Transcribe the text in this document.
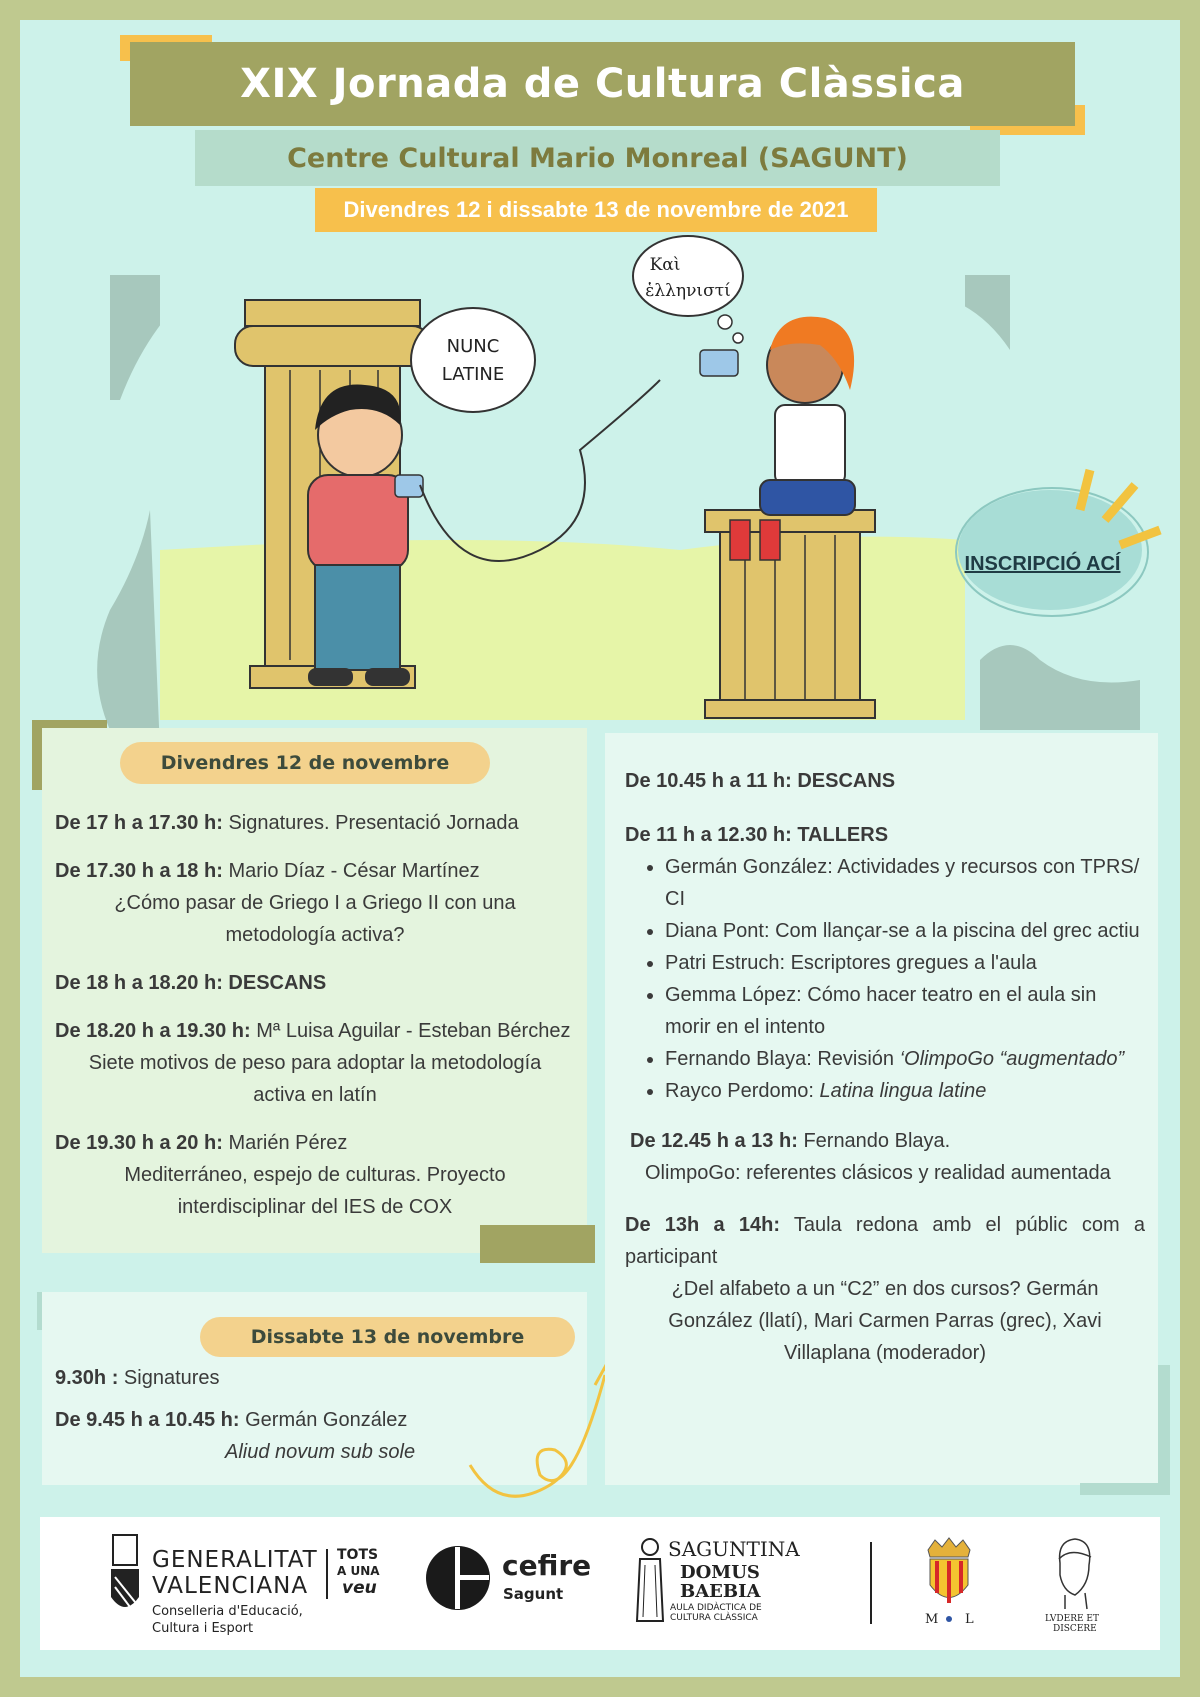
XIX Jornada de Cultura Clàssica
Centre Cultural Mario Monreal (SAGUNT)
Divendres 12 i dissabte 13 de novembre de 2021
NUNC
LATINE
Καὶ
ἑλληνιστί
INSCRIPCIÓ ACÍ
Divendres 12 de novembre
De 17 h a 17.30 h: Signatures. Presentació Jornada
De 17.30 h a 18 h: Mario Díaz - César Martínez
¿Cómo pasar de Griego I a Griego II con una metodología activa?
De 18 h a 18.20 h: DESCANS
De 18.20 h a 19.30 h: Mª Luisa Aguilar - Esteban Bérchez
Siete motivos de peso para adoptar la metodología activa en latín
De 19.30 h a 20 h: Marién Pérez
Mediterráneo, espejo de culturas. Proyecto interdisciplinar del IES de COX
Dissabte 13 de novembre
9.30h : Signatures
De 9.45 h a 10.45 h: Germán González
Aliud novum sub sole
De 10.45 h a 11 h: DESCANS
De 11 h a 12.30 h: TALLERS
• Germán González: Actividades y recursos con TPRS/ CI
• Diana Pont: Com llançar-se a la piscina del grec actiu
• Patri Estruch: Escriptores gregues a l'aula
• Gemma López: Cómo hacer teatro en el aula sin morir en el intento
• Fernando Blaya: Revisión ‘OlimpoGo “augmentado”
• Rayco Perdomo: Latina lingua latine
De 12.45 h a 13 h: Fernando Blaya.
OlimpoGo: referentes clásicos y realidad aumentada
De 13h a 14h: Taula redona amb el públic com a participant
¿Del alfabeto a un “C2” en dos cursos? Germán González (llatí), Mari Carmen Parras (grec), Xavi Villaplana (moderador)
GENERALITAT
VALENCIANA
Conselleria d'Educació,
Cultura i Esport
TOTS
A UNA
veu
cefire
Sagunt
SAGUNTINA
DOMUS
BAEBIA
AULA DIDÀCTICA DE
CULTURA CLÀSSICA	M L	LVDERE ET
DISCERE
